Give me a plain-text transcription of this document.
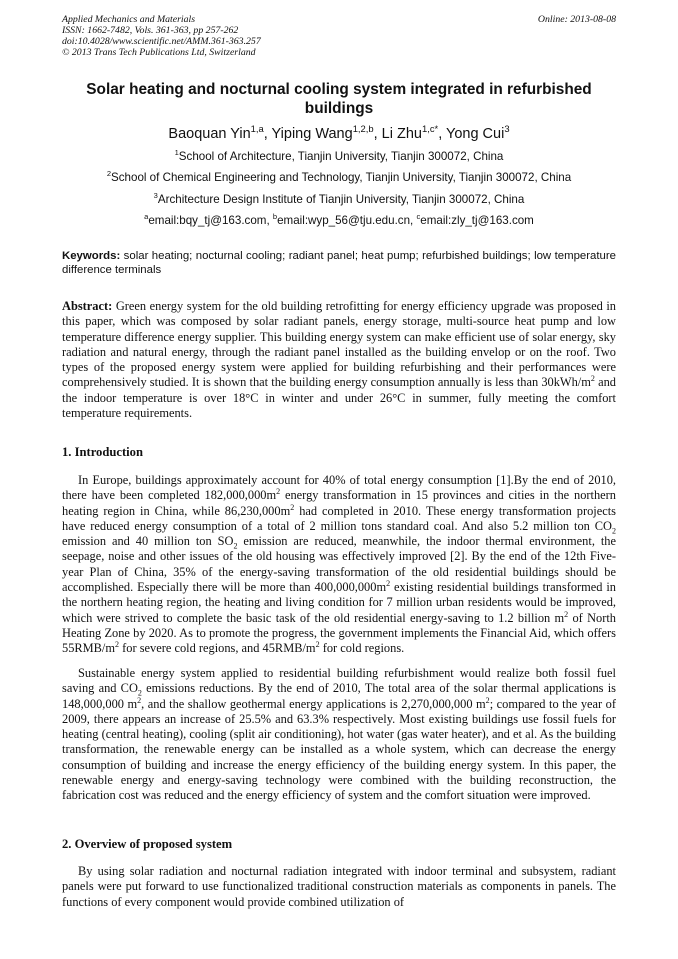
Applied Mechanics and Materials
ISSN: 1662-7482, Vols. 361-363, pp 257-262
doi:10.4028/www.scientific.net/AMM.361-363.257
© 2013 Trans Tech Publications Ltd, Switzerland
Online: 2013-08-08
Solar heating and nocturnal cooling system integrated in refurbished buildings
Baoquan Yin$^{1,a}$, Yiping Wang$^{1,2,b}$, Li Zhu$^{1,c*}$, Yong Cui$^3$
$^1$School of Architecture, Tianjin University, Tianjin 300072, China
$^2$School of Chemical Engineering and Technology, Tianjin University, Tianjin 300072, China
$^3$Architecture Design Institute of Tianjin University, Tianjin 300072, China
$^a$email:bqy_tj@163.com, $^b$email:wyp_56@tju.edu.cn, $^c$email:zly_tj@163.com
Keywords: solar heating; nocturnal cooling; radiant panel; heat pump; refurbished buildings; low temperature difference terminals
Abstract: Green energy system for the old building retrofitting for energy efficiency upgrade was proposed in this paper, which was composed by solar radiant panels, energy storage, multi-source heat pump and low temperature difference energy supplier. This building energy system can make efficient use of solar energy, sky radiation and natural energy, through the radiant panel installed as the building envelop or on the roof. Two types of the proposed energy system were applied for building refurbishing and their performances were comprehensively studied. It is shown that the building energy consumption annually is less than $30kWh/m^2$ and the indoor temperature is over 18°C in winter and under 26°C in summer, fully meeting the comfort temperature requirements.
1. Introduction
In Europe, buildings approximately account for 40% of total energy consumption [1].By the end of 2010, there have been completed $182,000,000m^2$ energy transformation in 15 provinces and cities in the northern heating region in China, while $86,230,000m^2$ had completed in 2010. These energy transformation projects have reduced energy consumption of a total of 2 million tons standard coal. And also 5.2 million ton $CO_2$ emission and 40 million ton $SO_2$ emission are reduced, meanwhile, the indoor thermal environment, the seepage, noise and other issues of the old housing was effectively improved [2]. By the end of the 12th Five-year Plan of China, 35% of the energy-saving transformation of the old residential buildings should be accomplished. Especially there will be more than $400,000,000m^2$ existing residential buildings transformed in the northern heating region, the heating and living condition for 7 million urban residents would be improved, which were strived to complete the basic task of the old residential energy-saving to 1.2 billion $m^2$ of North Heating Zone by 2020. As to promote the progress, the government implements the Financial Aid, which offers $55RMB/m^2$ for severe cold regions, and $45RMB/m^2$ for cold regions.
Sustainable energy system applied to residential building refurbishment would realize both fossil fuel saving and $CO_2$ emissions reductions. By the end of 2010, The total area of the solar thermal applications is 148,000,000 $m^2$, and the shallow geothermal energy applications is 2,270,000,000 $m^2$; compared to the year of 2009, there appears an increase of 25.5% and 63.3% respectively. Most existing buildings use fossil fuels for heating (central heating), cooling (split air conditioning), hot water (gas water heater), and et al. As the building transformation, the renewable energy can be installed as a whole system, which can decrease the energy consumption of building and increase the energy efficiency of the building energy system. In this paper, the renewable energy and energy-saving technology were combined with the building reconstruction, the fabrication cost was reduced and the energy efficiency of system and the comfort situation were improved.
2. Overview of proposed system
By using solar radiation and nocturnal radiation integrated with indoor terminal and subsystem, radiant panels were put forward to use functionalized traditional construction materials as components in panels. The functions of every component would provide combined utilization of
